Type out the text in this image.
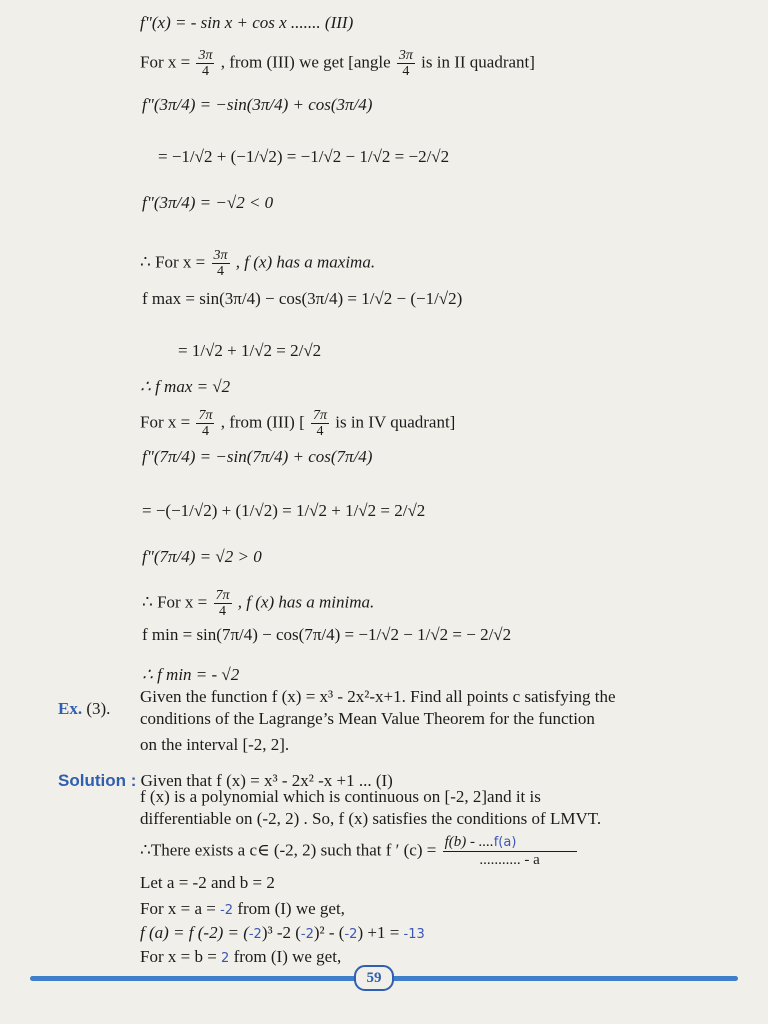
f"(x) = - sin x + cos x ....... (III)
For $x = \frac{3\pi}{4}$ , from (III) we get [angle $\frac{3\pi}{4}$ is in II quadrant]
f"(3π/4) = −sin(3π/4) + cos(3π/4)
= −1/√2 + (−1/√2) = −1/√2 − 1/√2 = −2/√2
f"(3π/4) = −√2 < 0
∴ For $x = \frac{3\pi}{4}$ , f (x) has a maxima.
f max = sin(3π/4) − cos(3π/4) = 1/√2 − (−1/√2)
= 1/√2 + 1/√2 = 2/√2
∴ f max = √2
For $x = \frac{7\pi}{4}$ , from (III) [ $\frac{7\pi}{4}$ is in IV quadrant]
f"(7π/4) = −sin(7π/4) + cos(7π/4)
= −(−1/√2) + (1/√2) = 1/√2 + 1/√2 = 2/√2
f"(7π/4) = √2 > 0
∴ For $x = \frac{7\pi}{4}$ , f (x) has a minima.
f min = sin(7π/4) − cos(7π/4) = −1/√2 − 1/√2 = − 2/√2
∴ f min = - √2
Ex. (3).
Given the function f (x) = x³ - 2x²-x+1. Find all points c satisfying the
conditions of the Lagrange’s Mean Value Theorem for the function
on the interval [-2, 2].
Solution : Given that f (x) = x³ - 2x² -x +1 ... (I)
f (x) is a polynomial which is continuous on [-2, 2]and it is
differentiable on (-2, 2) . So, f (x) satisfies the conditions of LMVT.
∴There exists a c∈ (-2, 2) such that f ′ $(c) = \frac{f(b) - ....f(a)}{........... - a}$
Let a = -2 and b = 2
For x = a = -2 from (I) we get,
f (a) = f (-2) = (-2)³ -2 (-2)² - (-2) +1 = -13
For x = b = 2 from (I) we get,
59
